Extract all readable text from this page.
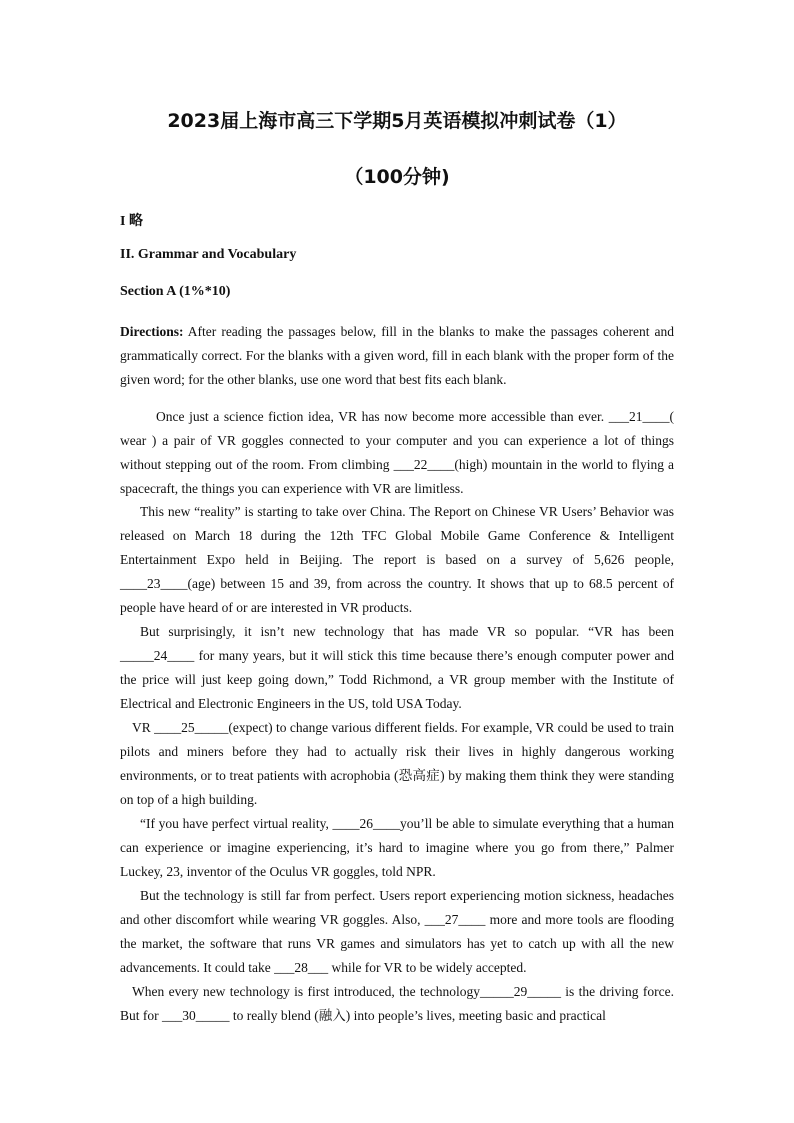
2023届上海市高三下学期5月英语模拟冲刺试卷（1）
（100分钟)
I 略
II. Grammar and Vocabulary
Section A (1%*10)

Directions: After reading the passages below, fill in the blanks to make the passages coherent and grammatically correct. For the blanks with a given word, fill in each blank with the proper form of the given word; for the other blanks, use one word that best fits each blank.

Once just a science fiction idea, VR has now become more accessible than ever. ___21____( wear ) a pair of VR goggles connected to your computer and you can experience a lot of things without stepping out of the room. From climbing ___22____(high) mountain in the world to flying a spacecraft, the things you can experience with VR are limitless.

This new “reality” is starting to take over China. The Report on Chinese VR Users’ Behavior was released on March 18 during the 12th TFC Global Mobile Game Conference & Intelligent Entertainment Expo held in Beijing. The report is based on a survey of 5,626 people, ____23____(age) between 15 and 39, from across the country. It shows that up to 68.5 percent of people have heard of or are interested in VR products.

But surprisingly, it isn’t new technology that has made VR so popular. “VR has been _____24____ for many years, but it will stick this time because there’s enough computer power and the price will just keep going down,” Todd Richmond, a VR group member with the Institute of Electrical and Electronic Engineers in the US, told USA Today.

VR ____25_____(expect) to change various different fields. For example, VR could be used to train pilots and miners before they had to actually risk their lives in highly dangerous working environments, or to treat patients with acrophobia (恐高症) by making them think they were standing on top of a high building.

“If you have perfect virtual reality, ____26____you’ll be able to simulate everything that a human can experience or imagine experiencing, it’s hard to imagine where you go from there,” Palmer Luckey, 23, inventor of the Oculus VR goggles, told NPR.

But the technology is still far from perfect. Users report experiencing motion sickness, headaches and other discomfort while wearing VR goggles. Also, ___27____ more and more tools are flooding the market, the software that runs VR games and simulators has yet to catch up with all the new advancements. It could take ___28___ while for VR to be widely accepted.

When every new technology is first introduced, the technology_____29_____ is the driving force. But for ___30_____ to really blend (融入) into people’s lives, meeting basic and practical
